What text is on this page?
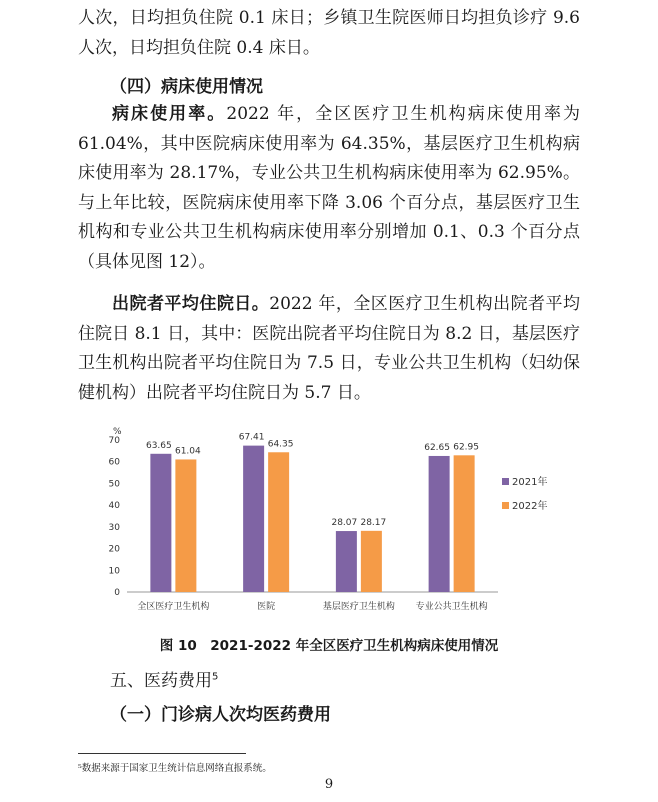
人次，日均担负住院 0.1 床日；乡镇卫生院医师日均担负诊疗 9.6 人次，日均担负住院 0.4 床日。

（四）病床使用情况

病床使用率。2022 年，全区医疗卫生机构病床使用率为 61.04%，其中医院病床使用率为 64.35%，基层医疗卫生机构病床使用率为 28.17%，专业公共卫生机构病床使用率为 62.95%。与上年比较，医院病床使用率下降 3.06 个百分点，基层医疗卫生机构和专业公共卫生机构病床使用率分别增加 0.1、0.3 个百分点（具体见图 12）。

出院者平均住院日。2022 年，全区医疗卫生机构出院者平均住院日 8.1 日，其中：医院出院者平均住院日为 8.2 日，基层医疗卫生机构出院者平均住院日为 7.5 日，专业公共卫生机构（妇幼保健机构）出院者平均住院日为 5.7 日。

%
0
10
20
30
40
50
60
70	63.65
61.04
67.41
64.35
28.07 28.17
62.65 62.95
全区医疗卫生机构	医院	基层医疗卫生机构 专业公共卫生机构
2021年
2022年
图 10　2021-2022 年全区医疗卫生机构病床使用情况

五、医药费用$^5$

（一）门诊病人次均医药费用

⁵数据来源于国家卫生统计信息网络直报系统。
9
